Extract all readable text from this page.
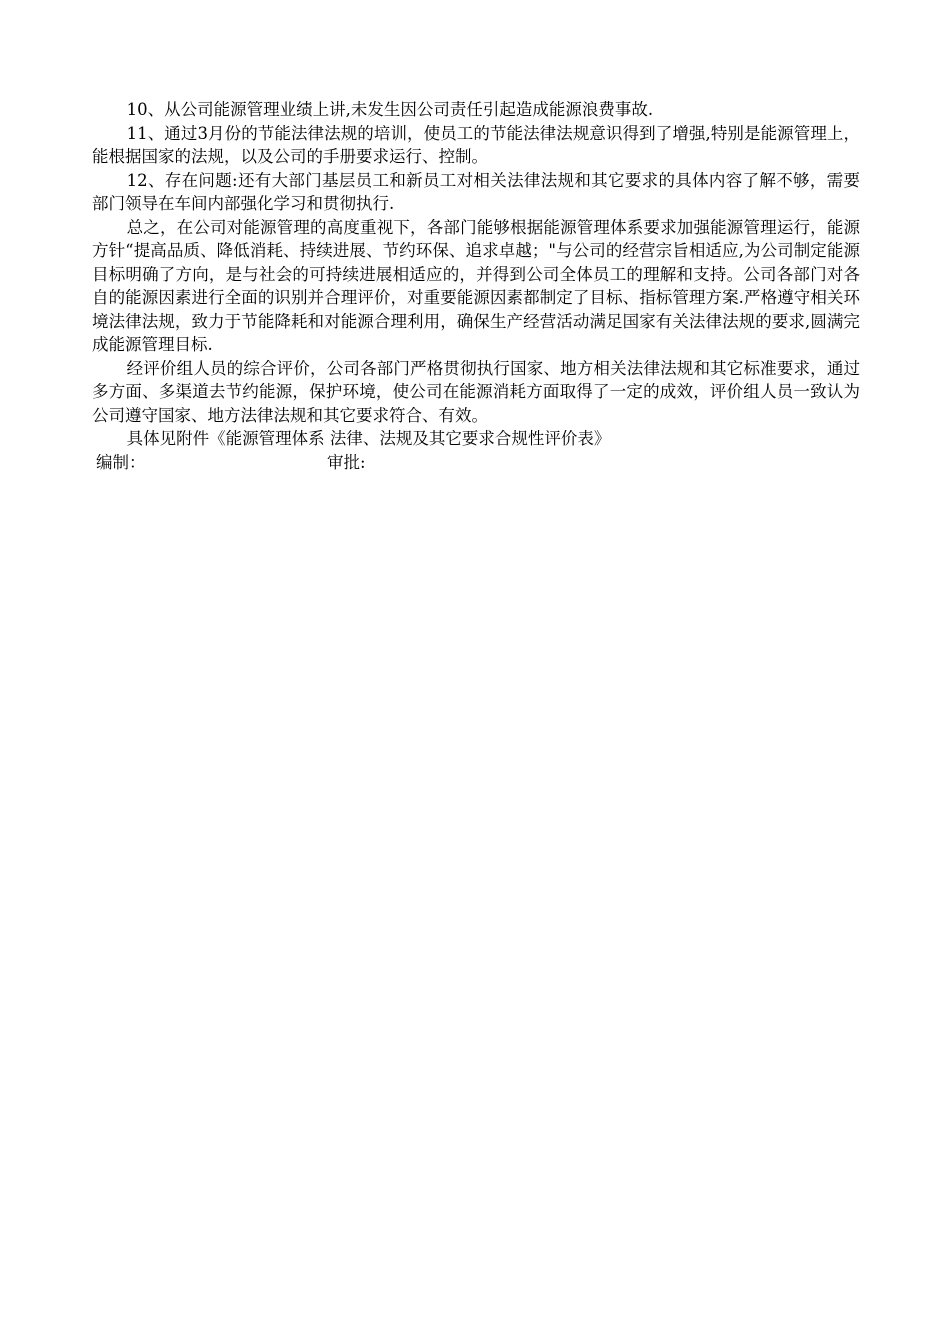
10、从公司能源管理业绩上讲,未发生因公司责任引起造成能源浪费事故.

11、通过3月份的节能法律法规的培训，使员工的节能法律法规意识得到了增强,特别是能源管理上，能根据国家的法规，以及公司的手册要求运行、控制。

12、存在问题:还有大部门基层员工和新员工对相关法律法规和其它要求的具体内容了解不够，需要部门领导在车间内部强化学习和贯彻执行.

总之，在公司对能源管理的高度重视下，各部门能够根据能源管理体系要求加强能源管理运行，能源方针“提高品质、降低消耗、持续进展、节约环保、追求卓越；"与公司的经营宗旨相适应,为公司制定能源目标明确了方向，是与社会的可持续进展相适应的，并得到公司全体员工的理解和支持。公司各部门对各自的能源因素进行全面的识别并合理评价，对重要能源因素都制定了目标、指标管理方案.严格遵守相关环境法律法规，致力于节能降耗和对能源合理利用，确保生产经营活动满足国家有关法律法规的要求,圆满完成能源管理目标.

经评价组人员的综合评价，公司各部门严格贯彻执行国家、地方相关法律法规和其它标准要求，通过多方面、多渠道去节约能源，保护环境，使公司在能源消耗方面取得了一定的成效，评价组人员一致认为公司遵守国家、地方法律法规和其它要求符合、有效。

具体见附件《能源管理体系 法律、法规及其它要求合规性评价表》

编制：	审批:
